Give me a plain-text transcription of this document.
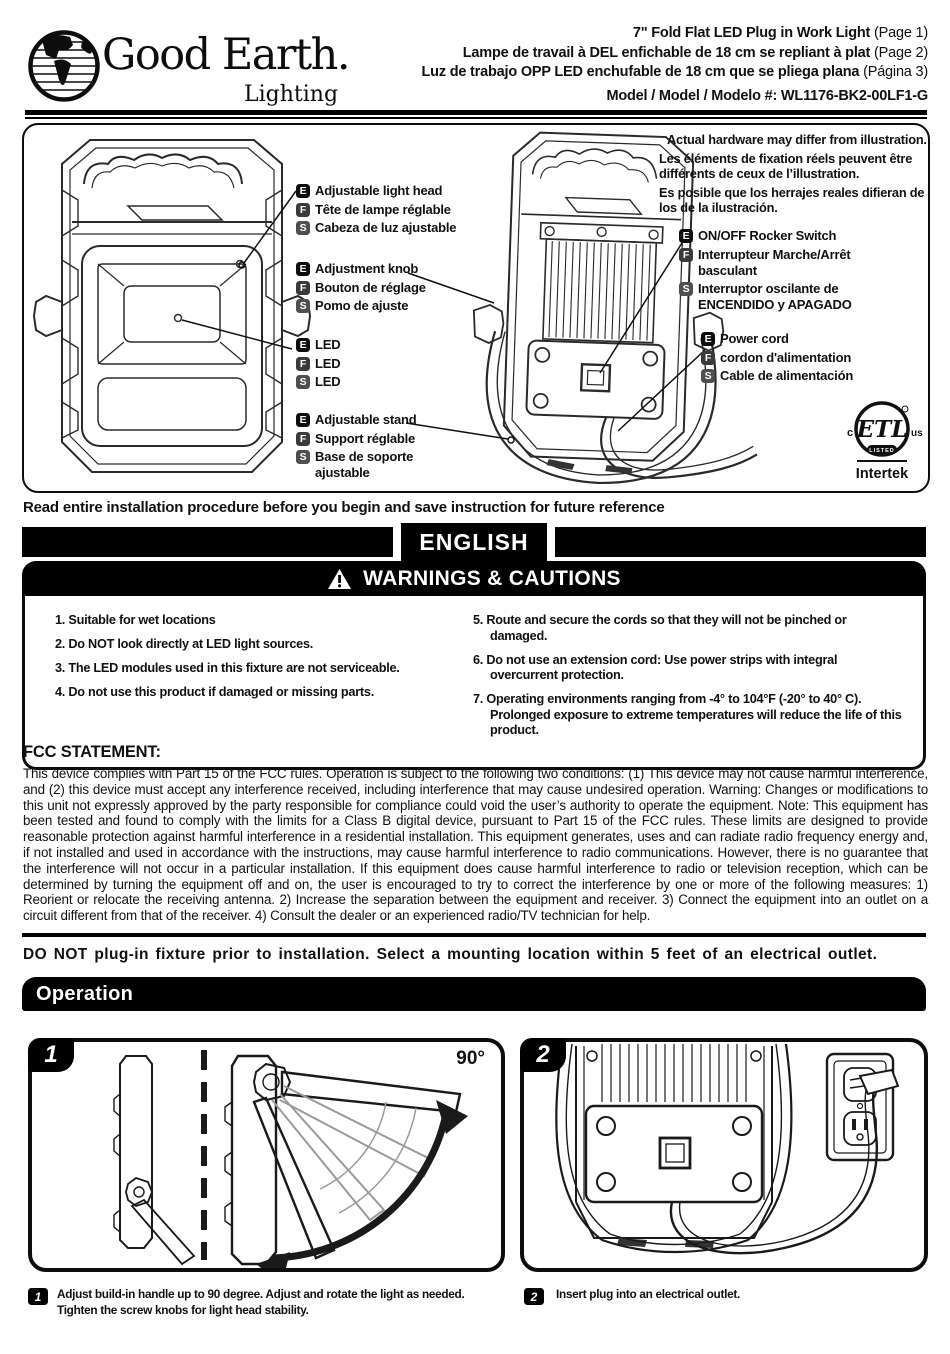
Good Earth.
Lighting
7" Fold Flat LED Plug in Work Light (Page 1)
Lampe de travail à DEL enfichable de 18 cm se repliant à plat (Page 2)
Luz de trabajo OPP LED enchufable de 18 cm que se pliega plana (Página 3)
Model / Model / Modelo #: WL1176-BK2-00LF1-G

Actual hardware may differ from illustration.

Les éléments de fixation réels peuvent être différents de ceux de l’illustration.

Es posible que los herrajes reales difieran de los de la ilustración.

E Adjustable light head
F Tête de lampe réglable
S Cabeza de luz ajustable
E Adjustment knob
F Bouton de réglage
S Pomo de ajuste
E LED
F LED
S LED
E Adjustable stand
F Support réglable
S Base de soporte ajustable
E ON/OFF Rocker Switch
F Interrupteur Marche/Arrêt basculant
S Interruptor oscilante de ENCENDIDO y APAGADO
E Power cord
F cordon d'alimentation
S Cable de alimentación
ETL
LISTED
c	us
Intertek
Read entire installation procedure before you begin and save instruction for future reference
ENGLISH
WARNINGS & CAUTIONS
1. Suitable for wet locations
2. Do NOT look directly at LED light sources.
3. The LED modules used in this fixture are not serviceable.
4. Do not use this product if damaged or missing parts.
5. Route and secure the cords so that they will not be pinched or damaged.
6. Do not use an extension cord: Use power strips with integral overcurrent protection.
7. Operating environments ranging from -4° to 104°F (-20° to 40° C). Prolonged exposure to extreme temperatures will reduce the life of this product.
FCC STATEMENT:
This device complies with Part 15 of the FCC rules. Operation is subject to the following two conditions: (1) This device may not cause harmful interference, and (2) this device must accept any interference received, including interference that may cause undesired operation. Warning: Changes or modifications to this unit not expressly approved by the party responsible for compliance could void the user’s authority to operate the equipment. Note: This equipment has been tested and found to comply with the limits for a Class B digital device, pursuant to Part 15 of the FCC rules. These limits are designed to provide reasonable protection against harmful interference in a residential installation. This equipment generates, uses and can radiate radio frequency energy and, if not installed and used in accordance with the instructions, may cause harmful interference to radio communications. However, there is no guarantee that the interference will not occur in a particular installation. If this equipment does cause harmful interference to radio or television reception, which can be determined by turning the equipment off and on, the user is encouraged to try to correct the interference by one or more of the following measures: 1) Reorient or relocate the receiving antenna. 2) Increase the separation between the equipment and receiver. 3) Connect the equipment into an outlet on a circuit different from that of the receiver. 4) Consult the dealer or an experienced radio/TV technician for help.
DO NOT plug-in fixture prior to installation. Select a mounting location within 5 feet of an electrical outlet.
Operation
1	90°	2
1	Adjust build-in handle up to 90 degree. Adjust and rotate the light as needed. Tighten the screw knobs for light head stability.
2	Insert plug into an electrical outlet.
